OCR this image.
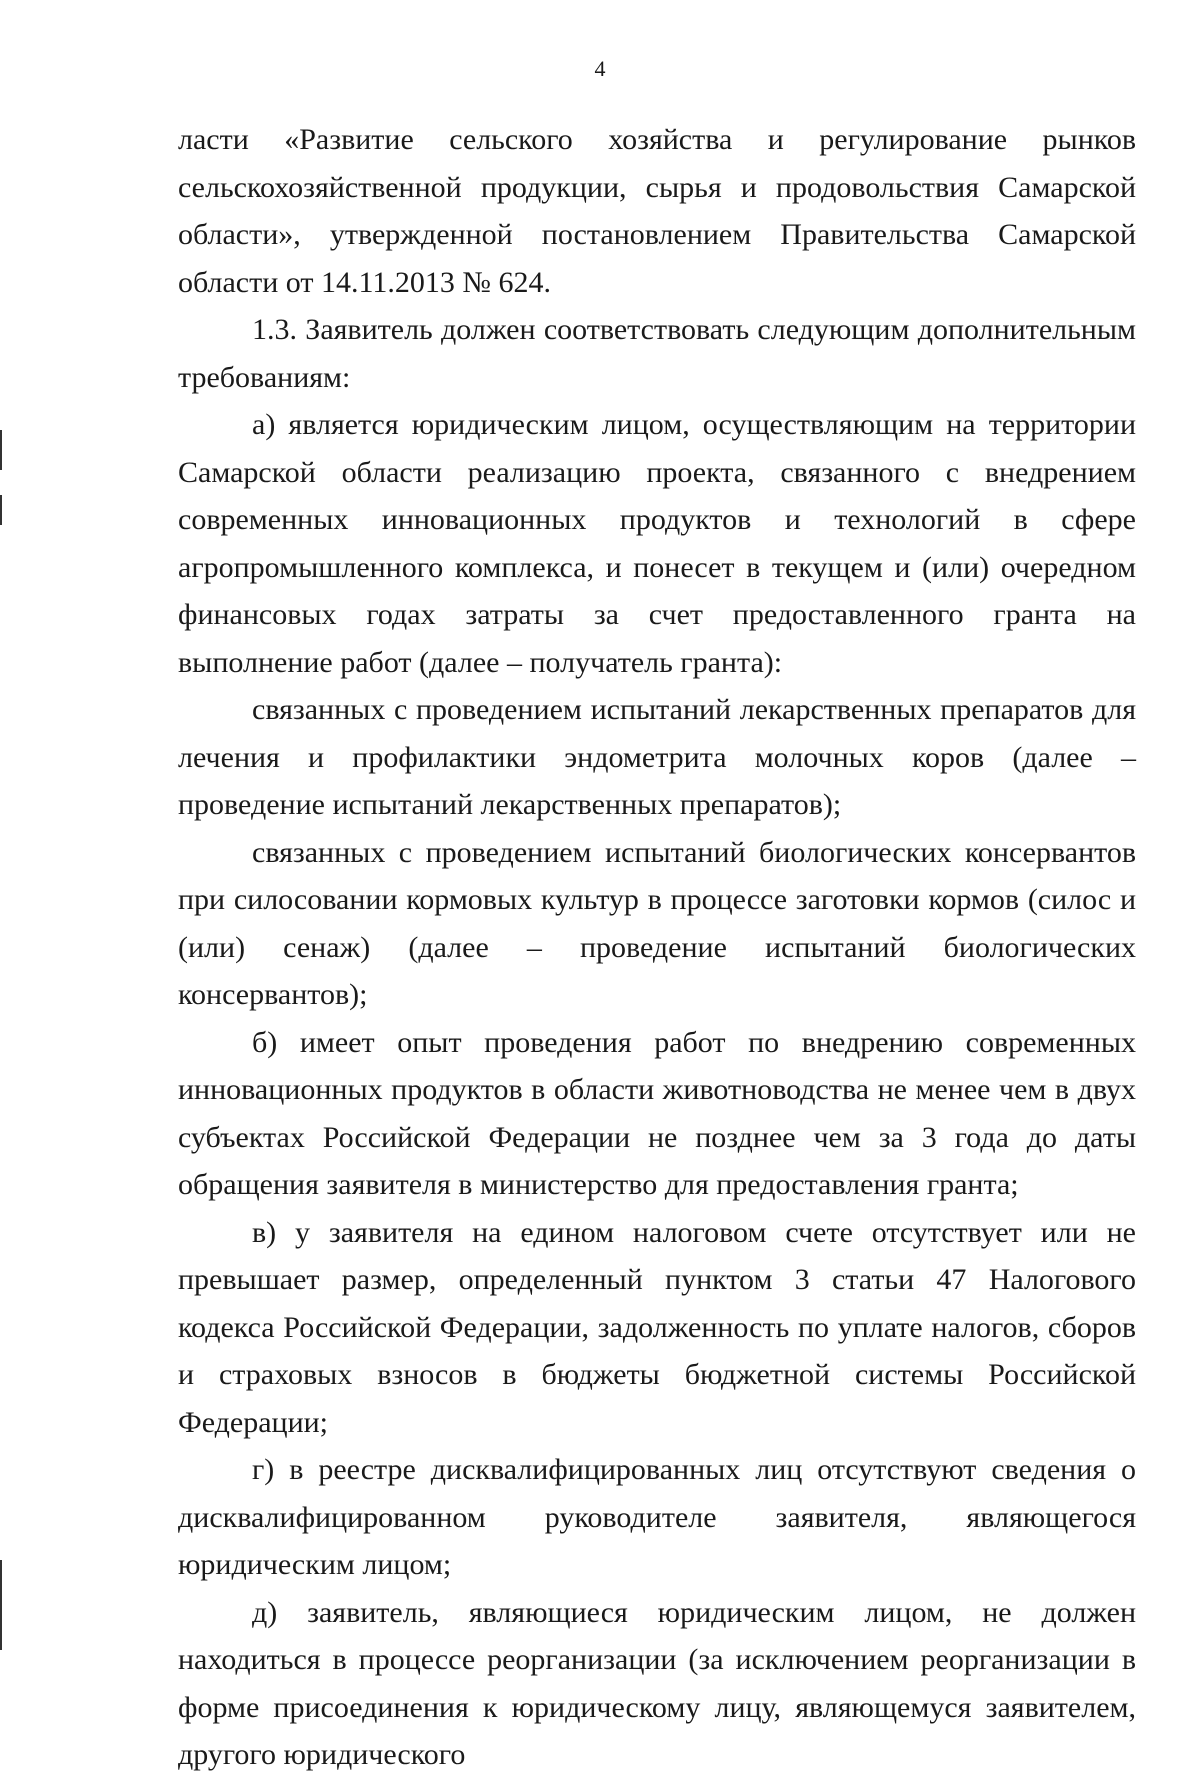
4

ласти «Развитие сельского хозяйства и регулирование рынков сельскохозяйственной продукции, сырья и продовольствия Самарской области», утвержденной постановлением Правительства Самарской области от 14.11.2013 № 624.

1.3. Заявитель должен соответствовать следующим дополнительным требованиям:

а) является юридическим лицом, осуществляющим на территории Самарской области реализацию проекта, связанного с внедрением современных инновационных продуктов и технологий в сфере агропромышленного комплекса, и понесет в текущем и (или) очередном финансовых годах затраты за счет предоставленного гранта на выполнение работ (далее – получатель гранта):

связанных с проведением испытаний лекарственных препаратов для лечения и профилактики эндометрита молочных коров (далее – проведение испытаний лекарственных препаратов);

связанных с проведением испытаний биологических консервантов при силосовании кормовых культур в процессе заготовки кормов (силос и (или) сенаж) (далее – проведение испытаний биологических консервантов);

б) имеет опыт проведения работ по внедрению современных инновационных продуктов в области животноводства не менее чем в двух субъектах Российской Федерации не позднее чем за 3 года до даты обращения заявителя в министерство для предоставления гранта;

в) у заявителя на едином налоговом счете отсутствует или не превышает размер, определенный пунктом 3 статьи 47 Налогового кодекса Российской Федерации, задолженность по уплате налогов, сборов и страховых взносов в бюджеты бюджетной системы Российской Федерации;

г) в реестре дисквалифицированных лиц отсутствуют сведения о дисквалифицированном руководителе заявителя, являющегося юридическим лицом;

д) заявитель, являющиеся юридическим лицом, не должен находиться в процессе реорганизации (за исключением реорганизации в форме присоединения к юридическому лицу, являющемуся заявителем, другого юридического
